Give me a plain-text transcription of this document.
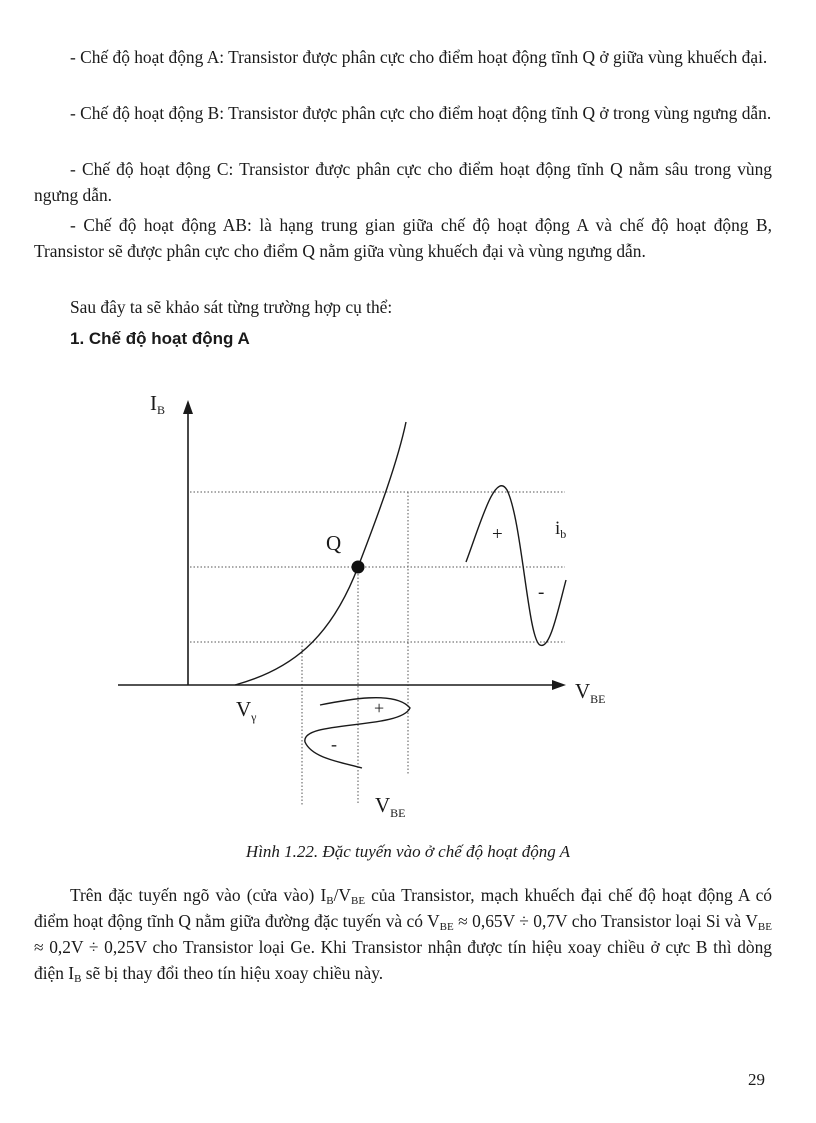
- Chế độ hoạt động A: Transistor được phân cực cho điểm hoạt động tĩnh Q ở giữa vùng khuếch đại.

- Chế độ hoạt động B: Transistor được phân cực cho điểm hoạt động tĩnh Q ở trong vùng ngưng dẫn.

- Chế độ hoạt động C: Transistor được phân cực cho điểm hoạt động tĩnh Q nằm sâu trong vùng ngưng dẫn.

- Chế độ hoạt động AB: là hạng trung gian giữa chế độ hoạt động A và chế độ hoạt động B, Transistor sẽ được phân cực cho điểm Q nằm giữa vùng khuếch đại và vùng ngưng dẫn.

Sau đây ta sẽ khảo sát từng trường hợp cụ thể:

1. Chế độ hoạt động A

IB
$V_{BE}$
Q
$V_\gamma$
$i_b$
+
-
+
-
$V_{BE}$

Hình 1.22. Đặc tuyến vào ở chế độ hoạt động A

Trên đặc tuyến ngõ vào (cửa vào) $I_B/V_{BE}$ của Transistor, mạch khuếch đại chế độ hoạt động A có điểm hoạt động tĩnh Q nằm giữa đường đặc tuyến và có $V_{BE} \approx 0,65V \div 0,7V$ cho Transistor loại Si và $V_{BE} \approx 0,2V \div 0,25V$ cho Transistor loại Ge. Khi Transistor nhận được tín hiệu xoay chiều ở cực B thì dòng điện $I_B$ sẽ bị thay đổi theo tín hiệu xoay chiều này.

29
